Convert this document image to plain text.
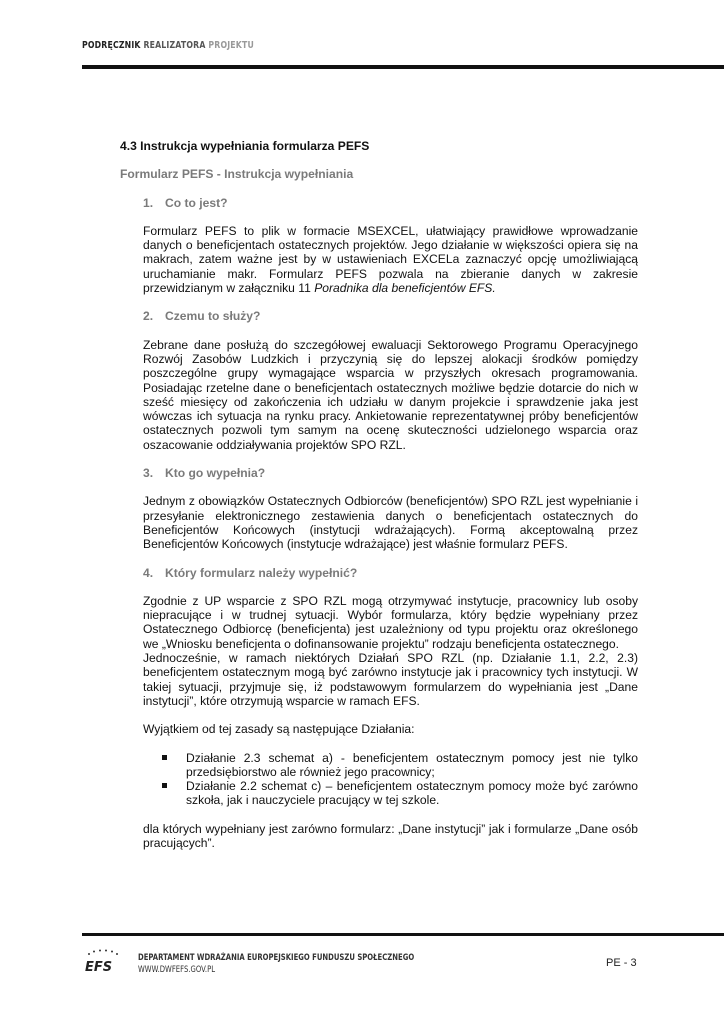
PODRĘCZNIK REALIZATORA PROJEKTU
4.3 Instrukcja wypełniania formularza PEFS
Formularz PEFS - Instrukcja wypełniania
1. Co to jest?
Formularz PEFS to plik w formacie MSEXCEL, ułatwiający prawidłowe wprowadzanie danych o beneficjentach ostatecznych projektów. Jego działanie w większości opiera się na makrach, zatem ważne jest by w ustawieniach EXCELa zaznaczyć opcję umożliwiającą uruchamianie makr. Formularz PEFS pozwala na zbieranie danych w zakresie przewidzianym w załączniku 11 Poradnika dla beneficjentów EFS.
2. Czemu to służy?
Zebrane dane posłużą do szczegółowej ewaluacji Sektorowego Programu Operacyjnego Rozwój Zasobów Ludzkich i przyczynią się do lepszej alokacji środków pomiędzy poszczególne grupy wymagające wsparcia w przyszłych okresach programowania. Posiadając rzetelne dane o beneficjentach ostatecznych możliwe będzie dotarcie do nich w sześć miesięcy od zakończenia ich udziału w danym projekcie i sprawdzenie jaka jest wówczas ich sytuacja na rynku pracy. Ankietowanie reprezentatywnej próby beneficjentów ostatecznych pozwoli tym samym na ocenę skuteczności udzielonego wsparcia oraz oszacowanie oddziaływania projektów SPO RZL.
3. Kto go wypełnia?
Jednym z obowiązków Ostatecznych Odbiorców (beneficjentów) SPO RZL jest wypełnianie i przesyłanie elektronicznego zestawienia danych o beneficjentach ostatecznych do Beneficjentów Końcowych (instytucji wdrażających). Formą akceptowalną przez Beneficjentów Końcowych (instytucje wdrażające) jest właśnie formularz PEFS.
4. Który formularz należy wypełnić?
Zgodnie z UP wsparcie z SPO RZL mogą otrzymywać instytucje, pracownicy lub osoby niepracujące i w trudnej sytuacji. Wybór formularza, który będzie wypełniany przez Ostatecznego Odbiorcę (beneficjenta) jest uzależniony od typu projektu oraz określonego we „Wniosku beneficjenta o dofinansowanie projektu” rodzaju beneficjenta ostatecznego.
Jednocześnie, w ramach niektórych Działań SPO RZL (np. Działanie 1.1, 2.2, 2.3) beneficjentem ostatecznym mogą być zarówno instytucje jak i pracownicy tych instytucji. W takiej sytuacji, przyjmuje się, iż podstawowym formularzem do wypełniania jest „Dane instytucji”, które otrzymują wsparcie w ramach EFS.
Wyjątkiem od tej zasady są następujące Działania:
Działanie 2.3 schemat a) - beneficjentem ostatecznym pomocy jest nie tylko przedsiębiorstwo ale również jego pracownicy;
Działanie 2.2 schemat c) – beneficjentem ostatecznym pomocy może być zarówno szkoła, jak i nauczyciele pracujący w tej szkole.
dla których wypełniany jest zarówno formularz: „Dane instytucji” jak i formularze „Dane osób pracujących”.
EFS
DEPARTAMENT WDRAŻANIA EUROPEJSKIEGO FUNDUSZU SPOŁECZNEGO
WWW.DWFEFS.GOV.PL	PE - 3
